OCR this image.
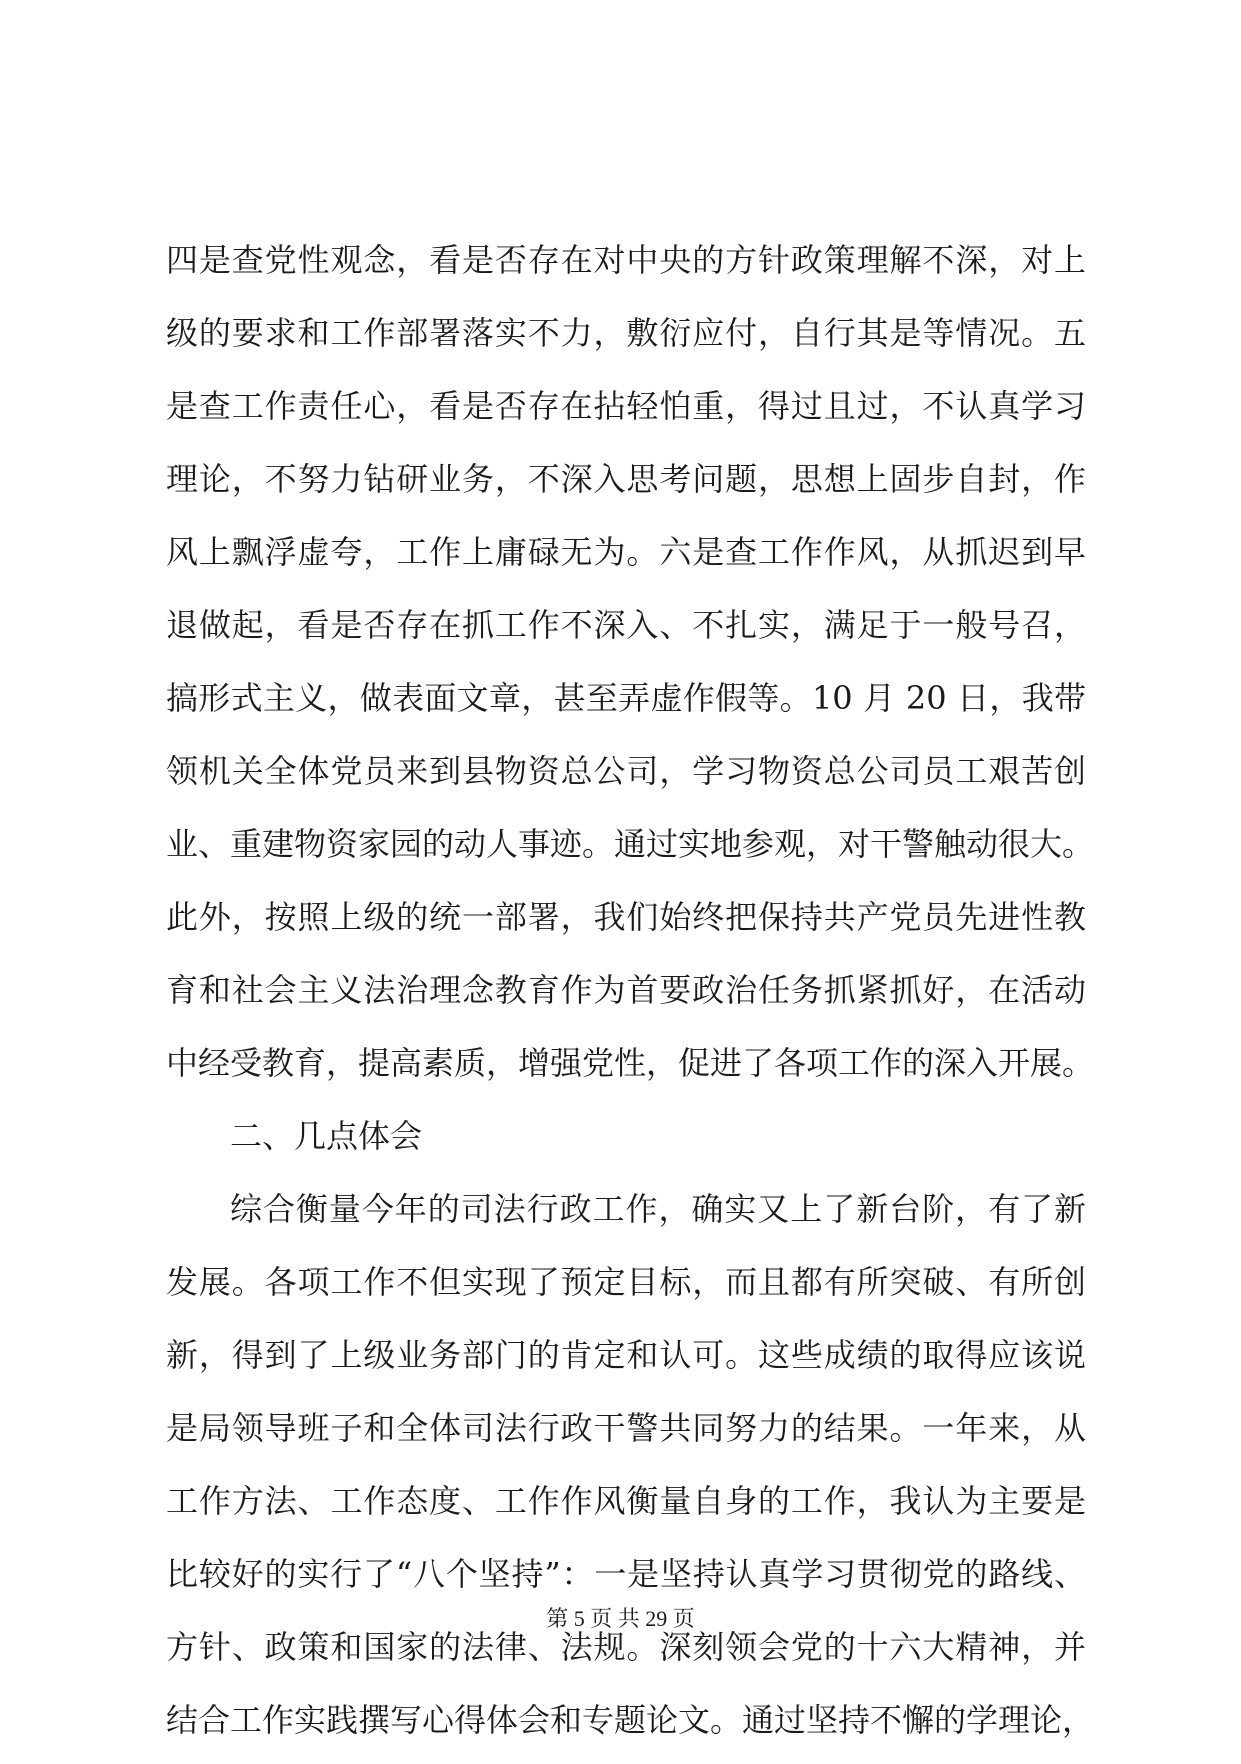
四是查党性观念，看是否存在对中央的方针政策理解不深，对上
级的要求和工作部署落实不力，敷衍应付，自行其是等情况。五
是查工作责任心，看是否存在拈轻怕重，得过且过，不认真学习
理论，不努力钻研业务，不深入思考问题，思想上固步自封，作
风上飘浮虚夸，工作上庸碌无为。六是查工作作风，从抓迟到早
退做起，看是否存在抓工作不深入、不扎实，满足于一般号召，
搞形式主义，做表面文章，甚至弄虚作假等。10 月 20 日，我带
领机关全体党员来到县物资总公司，学习物资总公司员工艰苦创
业、重建物资家园的动人事迹。通过实地参观，对干警触动很大。
此外，按照上级的统一部署，我们始终把保持共产党员先进性教
育和社会主义法治理念教育作为首要政治任务抓紧抓好，在活动
中经受教育，提高素质，增强党性，促进了各项工作的深入开展。
二、几点体会
综合衡量今年的司法行政工作，确实又上了新台阶，有了新
发展。各项工作不但实现了预定目标，而且都有所突破、有所创
新，得到了上级业务部门的肯定和认可。这些成绩的取得应该说
是局领导班子和全体司法行政干警共同努力的结果。一年来，从
工作方法、工作态度、工作作风衡量自身的工作，我认为主要是
比较好的实行了“八个坚持”：一是坚持认真学习贯彻党的路线、
方针、政策和国家的法律、法规。深刻领会党的十六大精神，并
结合工作实践撰写心得体会和专题论文。通过坚持不懈的学理论，
第 5 页 共 29 页
